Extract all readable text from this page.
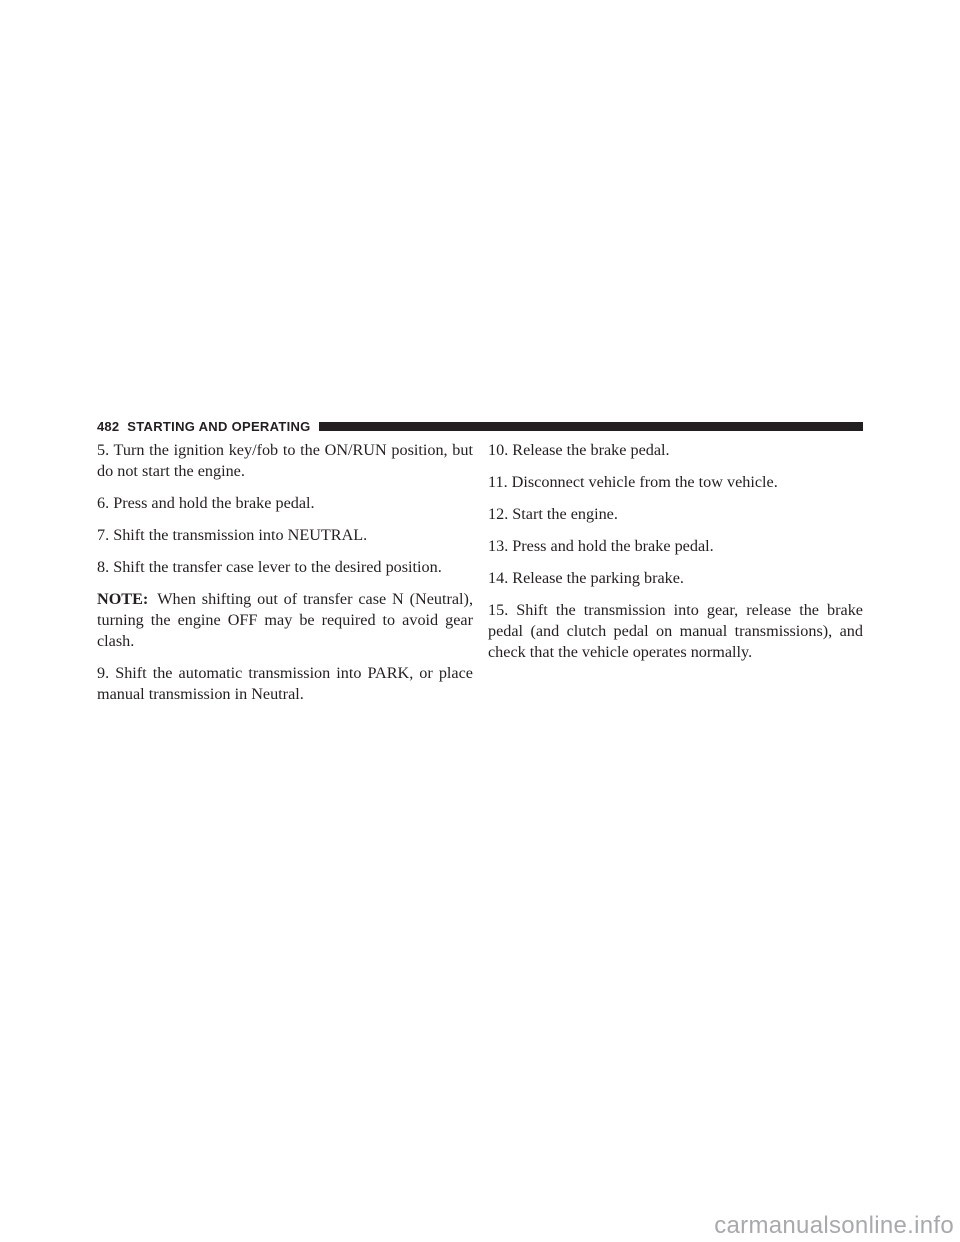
482 STARTING AND OPERATING

5. Turn the ignition key/fob to the ON/RUN position, but do not start the engine.

6. Press and hold the brake pedal.

7. Shift the transmission into NEUTRAL.

8. Shift the transfer case lever to the desired position.

NOTE: When shifting out of transfer case N (Neutral), turning the engine OFF may be required to avoid gear clash.

9. Shift the automatic transmission into PARK, or place manual transmission in Neutral.

10. Release the brake pedal.

11. Disconnect vehicle from the tow vehicle.

12. Start the engine.

13. Press and hold the brake pedal.

14. Release the parking brake.

15. Shift the transmission into gear, release the brake pedal (and clutch pedal on manual transmissions), and check that the vehicle operates normally.

carmanualsonline.info
